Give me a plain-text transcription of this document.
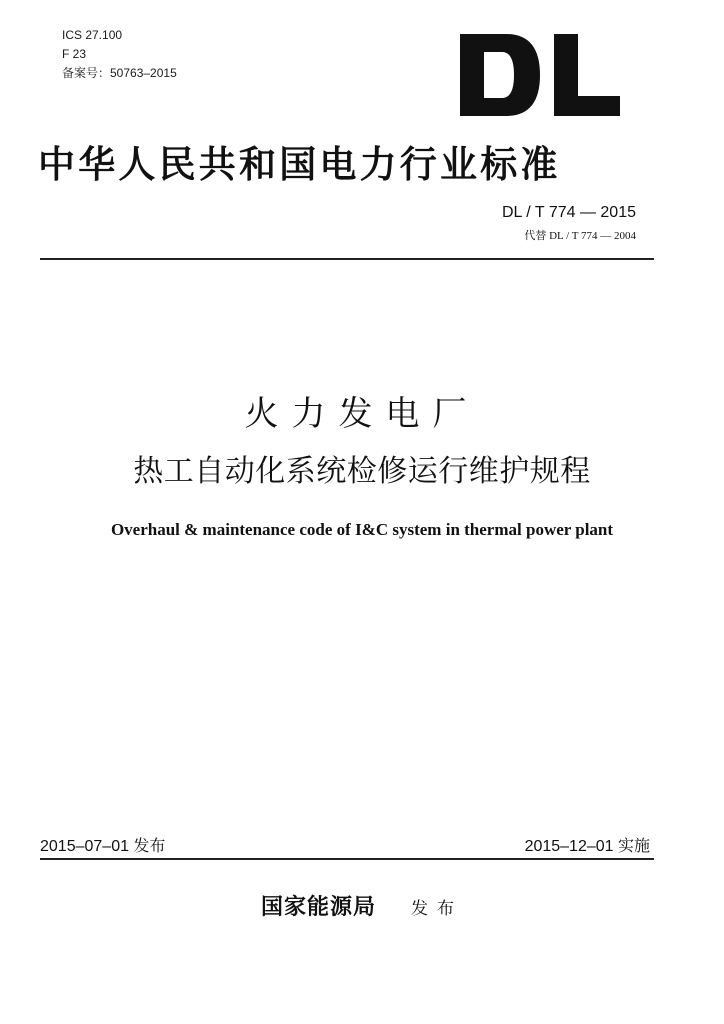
ICS 27.100
F 23
备案号：50763–2015
中华人民共和国电力行业标准
DL / T 774 — 2015
代替 DL / T 774 — 2004
火力发电厂
热工自动化系统检修运行维护规程
Overhaul & maintenance code of I&C system in thermal power plant
2015–07–01 发布	2015–12–01 实施
国家能源局 发布
